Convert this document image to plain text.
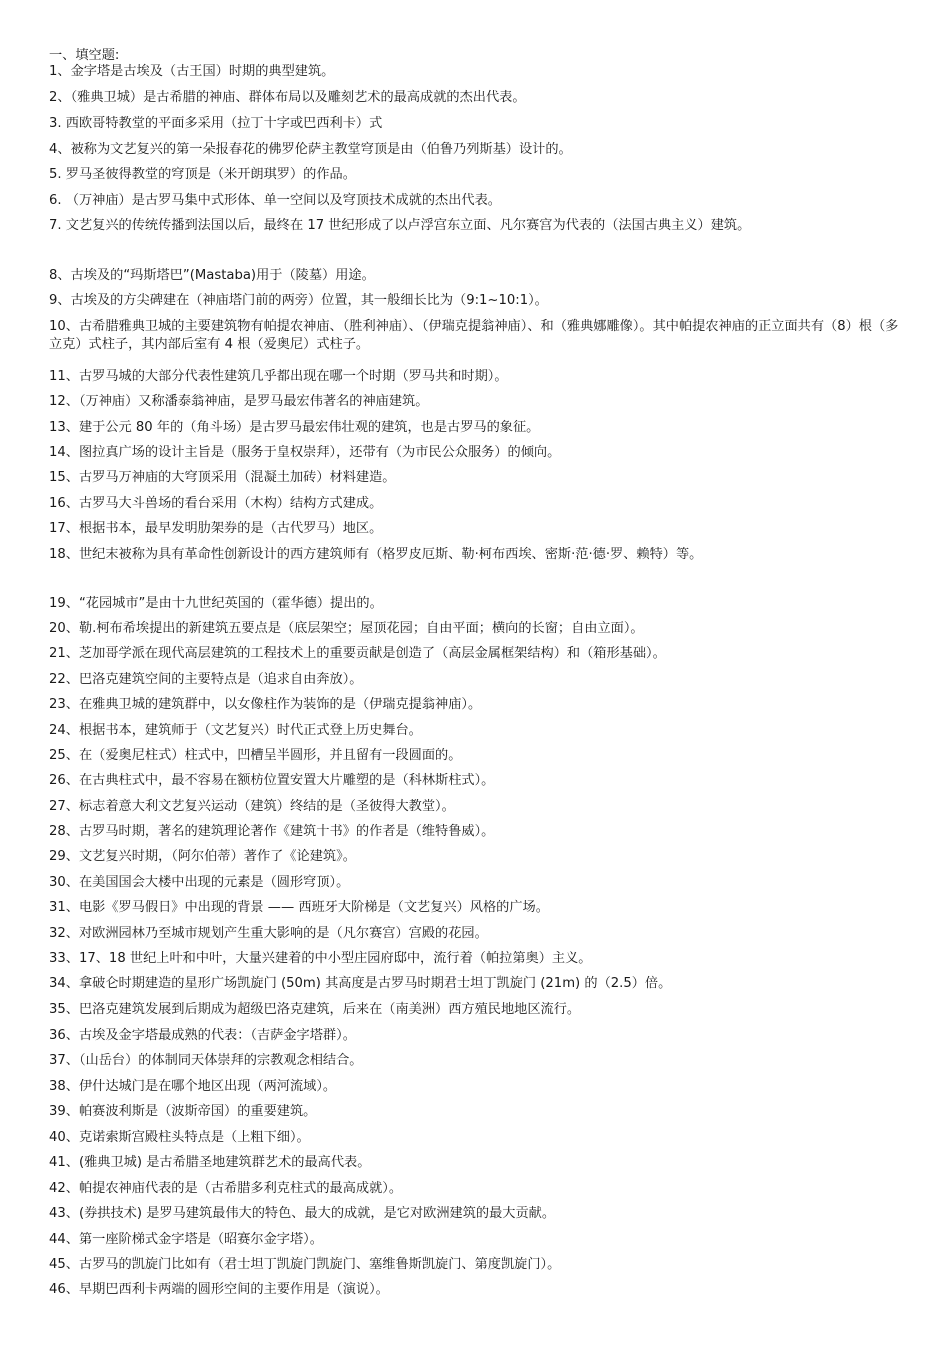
一、填空题:
1、金字塔是古埃及（古王国）时期的典型建筑。
2、（雅典卫城）是古希腊的神庙、群体布局以及雕刻艺术的最高成就的杰出代表。
3. 西欧哥特教堂的平面多采用（拉丁十字或巴西利卡）式
4、被称为文艺复兴的第一朵报春花的佛罗伦萨主教堂穹顶是由（伯鲁乃列斯基）设计的。
5. 罗马圣彼得教堂的穹顶是（米开朗琪罗）的作品。
6. （万神庙）是古罗马集中式形体、单一空间以及穹顶技术成就的杰出代表。
7. 文艺复兴的传统传播到法国以后，最终在 17 世纪形成了以卢浮宫东立面、凡尔赛宫为代表的（法国古典主义）建筑。
8、古埃及的“玛斯塔巴”(Mastaba)用于（陵墓）用途。
9、古埃及的方尖碑建在（神庙塔门前的两旁）位置，其一般细长比为（9:1~10:1）。
10、古希腊雅典卫城的主要建筑物有帕提农神庙、（胜利神庙）、（伊瑞克提翁神庙）、和（雅典娜雕像）。其中帕提农神庙的正立面共有（8）根（多立克）式柱子，其内部后室有 4 根（爱奥尼）式柱子。
11、古罗马城的大部分代表性建筑几乎都出现在哪一个时期（罗马共和时期）。
12、（万神庙）又称潘泰翁神庙，是罗马最宏伟著名的神庙建筑。
13、建于公元 80 年的（角斗场）是古罗马最宏伟壮观的建筑，也是古罗马的象征。
14、图拉真广场的设计主旨是（服务于皇权崇拜），还带有（为市民公众服务）的倾向。
15、古罗马万神庙的大穹顶采用（混凝土加砖）材料建造。
16、古罗马大斗兽场的看台采用（木构）结构方式建成。
17、根据书本，最早发明肋架券的是（古代罗马）地区。
18、世纪末被称为具有革命性创新设计的西方建筑师有（格罗皮厄斯、勒·柯布西埃、密斯·范·德·罗、赖特）等。
19、“花园城市”是由十九世纪英国的（霍华德）提出的。
20、勒.柯布希埃提出的新建筑五要点是（底层架空；屋顶花园；自由平面；横向的长窗；自由立面）。
21、芝加哥学派在现代高层建筑的工程技术上的重要贡献是创造了（高层金属框架结构）和（箱形基础）。
22、巴洛克建筑空间的主要特点是（追求自由奔放）。
23、在雅典卫城的建筑群中，以女像柱作为装饰的是（伊瑞克提翁神庙）。
24、根据书本，建筑师于（文艺复兴）时代正式登上历史舞台。
25、在（爱奥尼柱式）柱式中，凹槽呈半圆形，并且留有一段圆面的。
26、在古典柱式中，最不容易在额枋位置安置大片雕塑的是（科林斯柱式）。
27、标志着意大利文艺复兴运动（建筑）终结的是（圣彼得大教堂）。
28、古罗马时期，著名的建筑理论著作《建筑十书》的作者是（维特鲁威）。
29、文艺复兴时期，（阿尔伯蒂）著作了《论建筑》。
30、在美国国会大楼中出现的元素是（圆形穹顶）。
31、电影《罗马假日》中出现的背景 —— 西班牙大阶梯是（文艺复兴）风格的广场。
32、对欧洲园林乃至城市规划产生重大影响的是（凡尔赛宫）宫殿的花园。
33、17、18 世纪上叶和中叶，大量兴建着的中小型庄园府邸中，流行着（帕拉第奥）主义。
34、拿破仑时期建造的星形广场凯旋门 (50m) 其高度是古罗马时期君士坦丁凯旋门 (21m) 的（2.5）倍。
35、巴洛克建筑发展到后期成为超级巴洛克建筑，后来在（南美洲）西方殖民地地区流行。
36、古埃及金字塔最成熟的代表：（吉萨金字塔群）。
37、（山岳台）的体制同天体崇拜的宗教观念相结合。
38、伊什达城门是在哪个地区出现（两河流域）。
39、帕赛波利斯是（波斯帝国）的重要建筑。
40、克诺索斯宫殿柱头特点是（上粗下细）。
41、(雅典卫城) 是古希腊圣地建筑群艺术的最高代表。
42、帕提农神庙代表的是（古希腊多利克柱式的最高成就）。
43、(券拱技术) 是罗马建筑最伟大的特色、最大的成就，是它对欧洲建筑的最大贡献。
44、第一座阶梯式金字塔是（昭赛尔金字塔）。
45、古罗马的凯旋门比如有（君士坦丁凯旋门凯旋门、塞维鲁斯凯旋门、第度凯旋门）。
46、早期巴西利卡两端的圆形空间的主要作用是（演说）。
